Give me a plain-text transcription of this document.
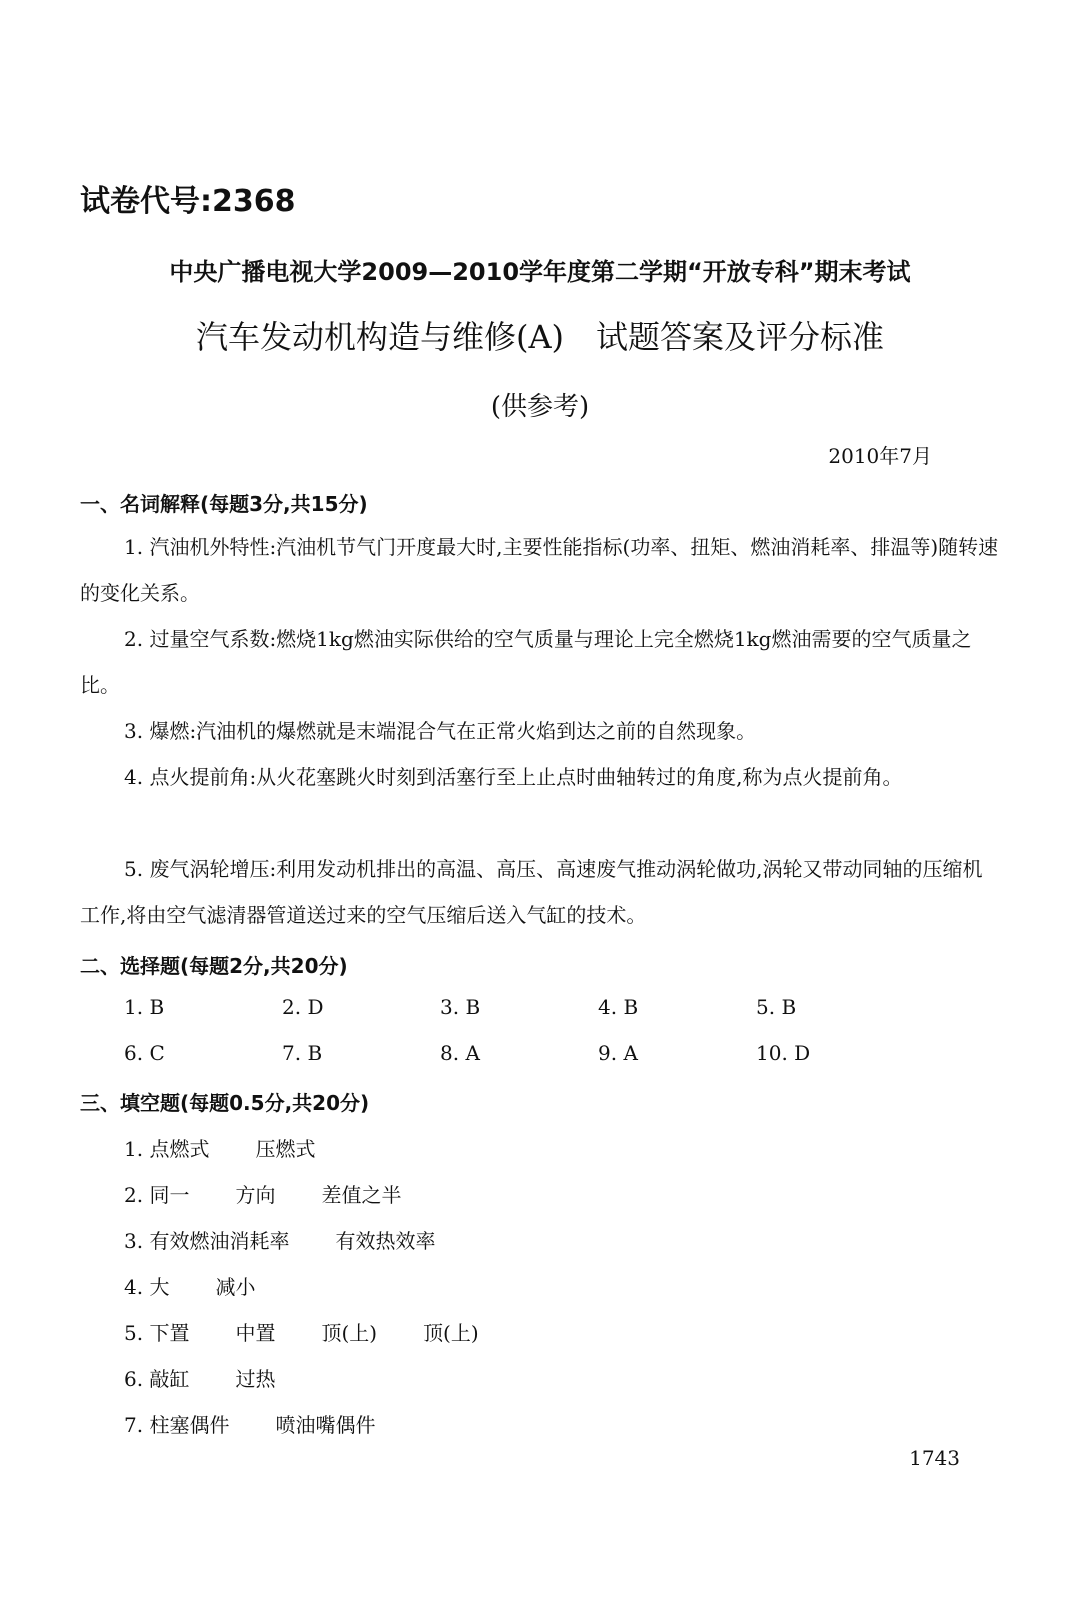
试卷代号:2368
中央广播电视大学2009—2010学年度第二学期“开放专科”期末考试
汽车发动机构造与维修(A)　试题答案及评分标准
(供参考)
2010年7月
一、名词解释(每题3分,共15分)
1. 汽油机外特性:汽油机节气门开度最大时,主要性能指标(功率、扭矩、燃油消耗率、排温等)随转速的变化关系。
2. 过量空气系数:燃烧1kg燃油实际供给的空气质量与理论上完全燃烧1kg燃油需要的空气质量之比。
3. 爆燃:汽油机的爆燃就是末端混合气在正常火焰到达之前的自然现象。
4. 点火提前角:从火花塞跳火时刻到活塞行至上止点时曲轴转过的角度,称为点火提前角。
5. 废气涡轮增压:利用发动机排出的高温、高压、高速废气推动涡轮做功,涡轮又带动同轴的压缩机工作,将由空气滤清器管道送过来的空气压缩后送入气缸的技术。
二、选择题(每题2分,共20分)
1. B	2. D	3. B	4. B	5. B
6. C	7. B	8. A	9. A	10. D
三、填空题(每题0.5分,共20分)
1. 点燃式 压燃式
2. 同一 方向 差值之半
3. 有效燃油消耗率 有效热效率
4. 大 减小
5. 下置 中置 顶(上) 顶(上)
6. 敲缸 过热
7. 柱塞偶件 喷油嘴偶件
1743
